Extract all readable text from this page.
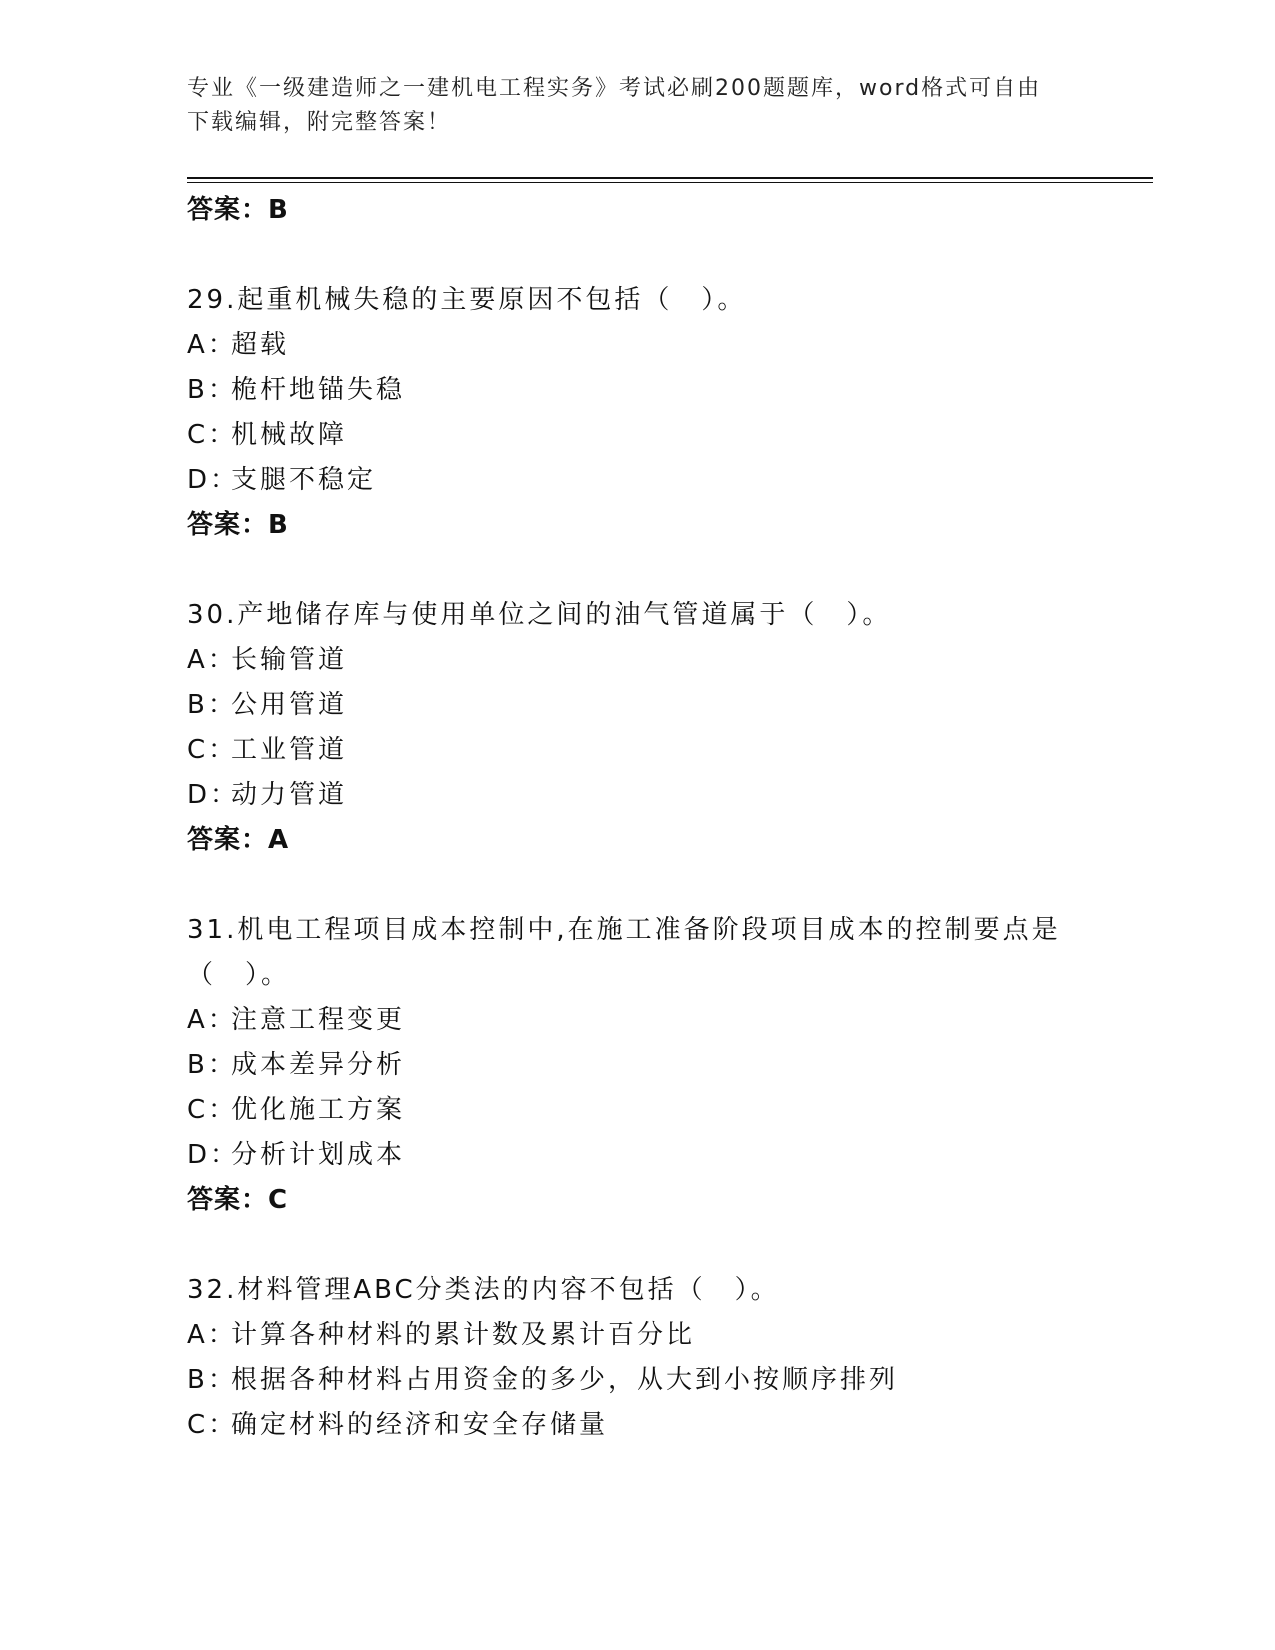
专业《一级建造师之一建机电工程实务》考试必刷200题题库，word格式可自由
下载编辑，附完整答案！
答案：B
29.起重机械失稳的主要原因不包括（　）。
A：超载
B：桅杆地锚失稳
C：机械故障
D：支腿不稳定
答案：B
30.产地储存库与使用单位之间的油气管道属于（　）。
A：长输管道
B：公用管道
C：工业管道
D：动力管道
答案：A
31.机电工程项目成本控制中,在施工准备阶段项目成本的控制要点是（　）。
A：注意工程变更
B：成本差异分析
C：优化施工方案
D：分析计划成本
答案：C
32.材料管理ABC分类法的内容不包括（　）。
A：计算各种材料的累计数及累计百分比
B：根据各种材料占用资金的多少，从大到小按顺序排列
C：确定材料的经济和安全存储量
